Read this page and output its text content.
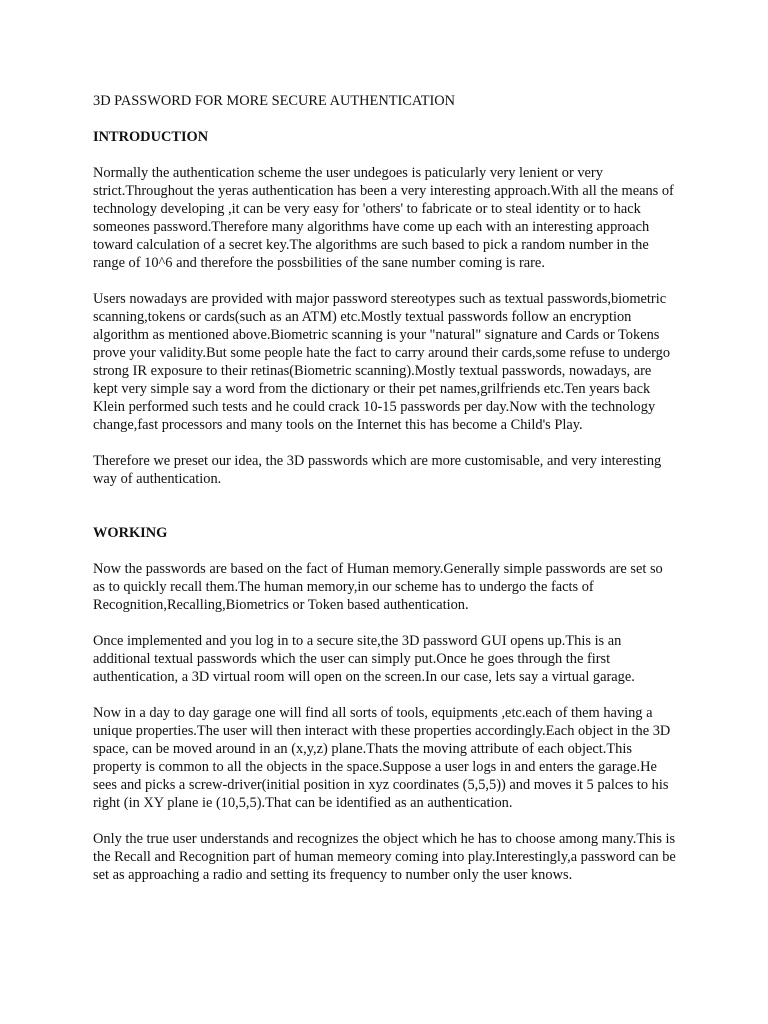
3D PASSWORD FOR MORE SECURE AUTHENTICATION
INTRODUCTION

Normally the authentication scheme the user undegoes is paticularly very lenient or very strict.Throughout the yeras authentication has been a very interesting approach.With all the means of technology developing ,it can be very easy for 'others' to fabricate or to steal identity or to hack someones password.Therefore many algorithms have come up each with an interesting approach toward calculation of a secret key.The algorithms are such based to pick a random number in the range of 10^6 and therefore the possbilities of the sane number coming is rare.

Users nowadays are provided with major password stereotypes such as textual passwords,biometric scanning,tokens or cards(such as an ATM) etc.Mostly textual passwords follow an encryption algorithm as mentioned above.Biometric scanning is your "natural" signature and Cards or Tokens prove your validity.But some people hate the fact to carry around their cards,some refuse to undergo strong IR exposure to their retinas(Biometric scanning).Mostly textual passwords, nowadays, are kept very simple say a word from the dictionary or their pet names,grilfriends etc.Ten years back Klein performed such tests and he could crack 10-15 passwords per day.Now with the technology change,fast processors and many tools on the Internet this has become a Child's Play.

Therefore we preset our idea, the 3D passwords which are more customisable, and very interesting way of authentication.

WORKING

Now the passwords are based on the fact of Human memory.Generally simple passwords are set so as to quickly recall them.The human memory,in our scheme has to undergo the facts of Recognition,Recalling,Biometrics or Token based authentication.

Once implemented and you log in to a secure site,the 3D password GUI opens up.This is an additional textual passwords which the user can simply put.Once he goes through the first authentication, a 3D virtual room will open on the screen.In our case, lets say a virtual garage.

Now in a day to day garage one will find all sorts of tools, equipments ,etc.each of them having a unique properties.The user will then interact with these properties accordingly.Each object in the 3D space, can be moved around in an (x,y,z) plane.Thats the moving attribute of each object.This property is common to all the objects in the space.Suppose a user logs in and enters the garage.He sees and picks a screw-driver(initial position in xyz coordinates (5,5,5)) and moves it 5 palces to his right (in XY plane ie (10,5,5).That can be identified as an authentication.

Only the true user understands and recognizes the object which he has to choose among many.This is the Recall and Recognition part of human memeory coming into play.Interestingly,a password can be set as approaching a radio and setting its frequency to number only the user knows.
